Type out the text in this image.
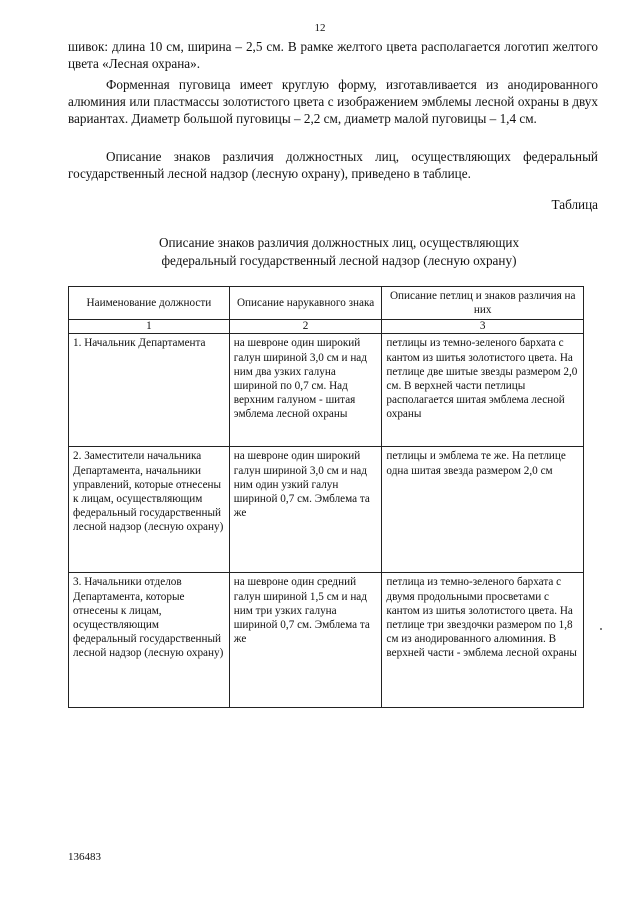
12

шивок: длина 10 см, ширина – 2,5 см. В рамке желтого цвета располагается логотип желтого цвета «Лесная охрана».

Форменная пуговица имеет круглую форму, изготавливается из анодированного алюминия или пластмассы золотистого цвета с изображением эмблемы лесной охраны в двух вариантах. Диаметр большой пуговицы – 2,2 см, диаметр малой пуговицы – 1,4 см.

Описание знаков различия должностных лиц, осуществляющих федеральный государственный лесной надзор (лесную охрану), приведено в таблице.

Таблица
Описание знаков различия должностных лиц, осуществляющих
федеральный государственный лесной надзор (лесную охрану)
Наименование должности	Описание нарукавного знака	Описание петлиц и знаков различия на них
1	2	3
1. Начальник Департамента	на шевроне один широкий галун шириной 3,0 см и над ним два узких галуна шириной по 0,7 см. Над верхним галуном - шитая эмблема лесной охраны	петлицы из темно-зеленого бархата с кантом из шитья золотистого цвета. На петлице две шитые звезды размером 2,0 см. В верхней части петлицы располагается шитая эмблема лесной охраны
2. Заместители начальника Департамента, начальники управлений, которые отнесены к лицам, осуществляющим федеральный государственный лесной надзор (лесную охрану)	на шевроне один широкий галун шириной 3,0 см и над ним один узкий галун шириной 0,7 см. Эмблема та же	петлицы и эмблема те же. На петлице одна шитая звезда размером 2,0 см
3. Начальники отделов Департамента, которые отнесены к лицам, осуществляющим федеральный государственный лесной надзор (лесную охрану)	на шевроне один средний галун шириной 1,5 см и над ним три узких галуна шириной 0,7 см. Эмблема та же	петлица из темно-зеленого бархата с двумя продольными просветами с кантом из шитья золотистого цвета. На петлице три звездочки размером по 1,8 см из анодированного алюминия. В верхней части - эмблема лесной охраны
136483
